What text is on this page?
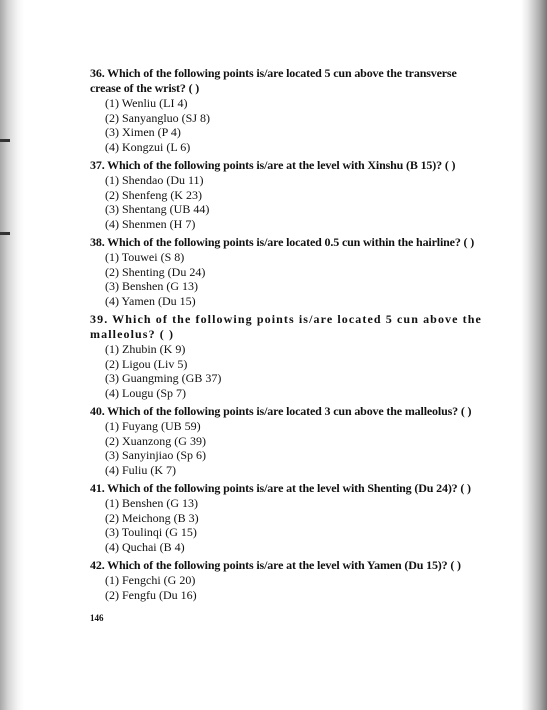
36. Which of the following points is/are located 5 cun above the transverse crease of the wrist? ( )

(1) Wenliu (LI 4)
(2) Sanyangluo (SJ 8)
(3) Ximen (P 4)
(4) Kongzui (L 6)

37. Which of the following points is/are at the level with Xinshu (B 15)? ( )

(1) Shendao (Du 11)
(2) Shenfeng (K 23)
(3) Shentang (UB 44)
(4) Shenmen (H 7)

38. Which of the following points is/are located 0.5 cun within the hairline? ( )

(1) Touwei (S 8)
(2) Shenting (Du 24)
(3) Benshen (G 13)
(4) Yamen (Du 15)

39. Which of the following points is/are located 5 cun above the malleolus? ( )

(1) Zhubin (K 9)
(2) Ligou (Liv 5)
(3) Guangming (GB 37)
(4) Lougu (Sp 7)

40. Which of the following points is/are located 3 cun above the malleolus? ( )

(1) Fuyang (UB 59)
(2) Xuanzong (G 39)
(3) Sanyinjiao (Sp 6)
(4) Fuliu (K 7)

41. Which of the following points is/are at the level with Shenting (Du 24)? ( )

(1) Benshen (G 13)
(2) Meichong (B 3)
(3) Toulinqi (G 15)
(4) Quchai (B 4)

42. Which of the following points is/are at the level with Yamen (Du 15)? ( )

(1) Fengchi (G 20)
(2) Fengfu (Du 16)
146
